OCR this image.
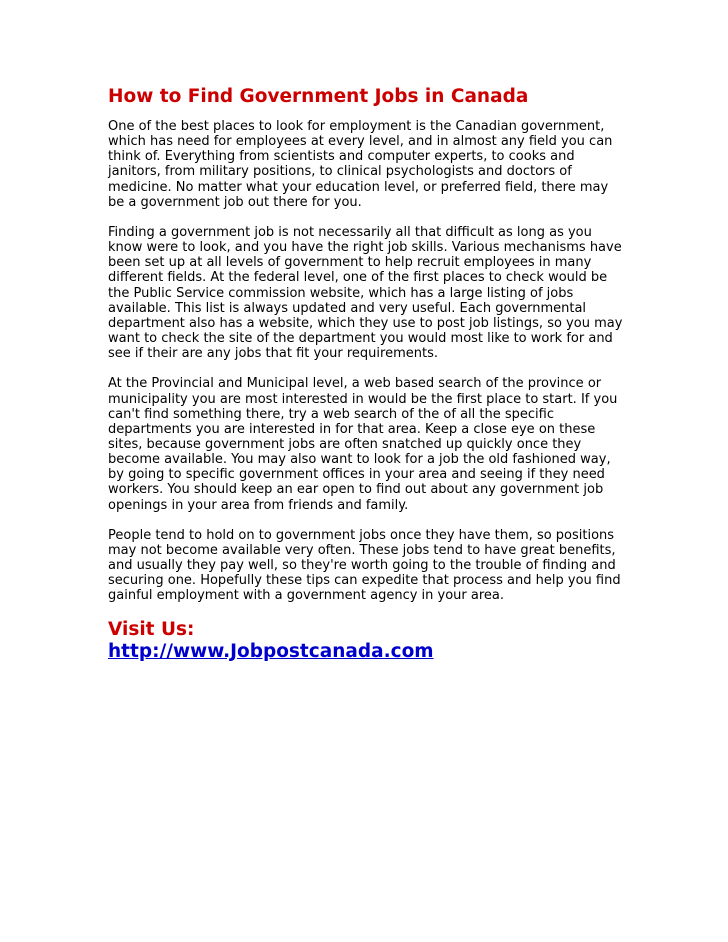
How to Find Government Jobs in Canada

One of the best places to look for employment is the Canadian government, which has need for employees at every level, and in almost any field you can think of. Everything from scientists and computer experts, to cooks and janitors, from military positions, to clinical psychologists and doctors of medicine. No matter what your education level, or preferred field, there may be a government job out there for you.

Finding a government job is not necessarily all that difficult as long as you know were to look, and you have the right job skills. Various mechanisms have been set up at all levels of government to help recruit employees in many different fields. At the federal level, one of the first places to check would be the Public Service commission website, which has a large listing of jobs available. This list is always updated and very useful. Each governmental department also has a website, which they use to post job listings, so you may want to check the site of the department you would most like to work for and see if their are any jobs that fit your requirements.

At the Provincial and Municipal level, a web based search of the province or municipality you are most interested in would be the first place to start. If you can't find something there, try a web search of the of all the specific departments you are interested in for that area. Keep a close eye on these sites, because government jobs are often snatched up quickly once they become available. You may also want to look for a job the old fashioned way, by going to specific government offices in your area and seeing if they need workers. You should keep an ear open to find out about any government job openings in your area from friends and family.

People tend to hold on to government jobs once they have them, so positions may not become available very often. These jobs tend to have great benefits, and usually they pay well, so they're worth going to the trouble of finding and securing one. Hopefully these tips can expedite that process and help you find gainful employment with a government agency in your area.

Visit Us:
http://www.Jobpostcanada.com
